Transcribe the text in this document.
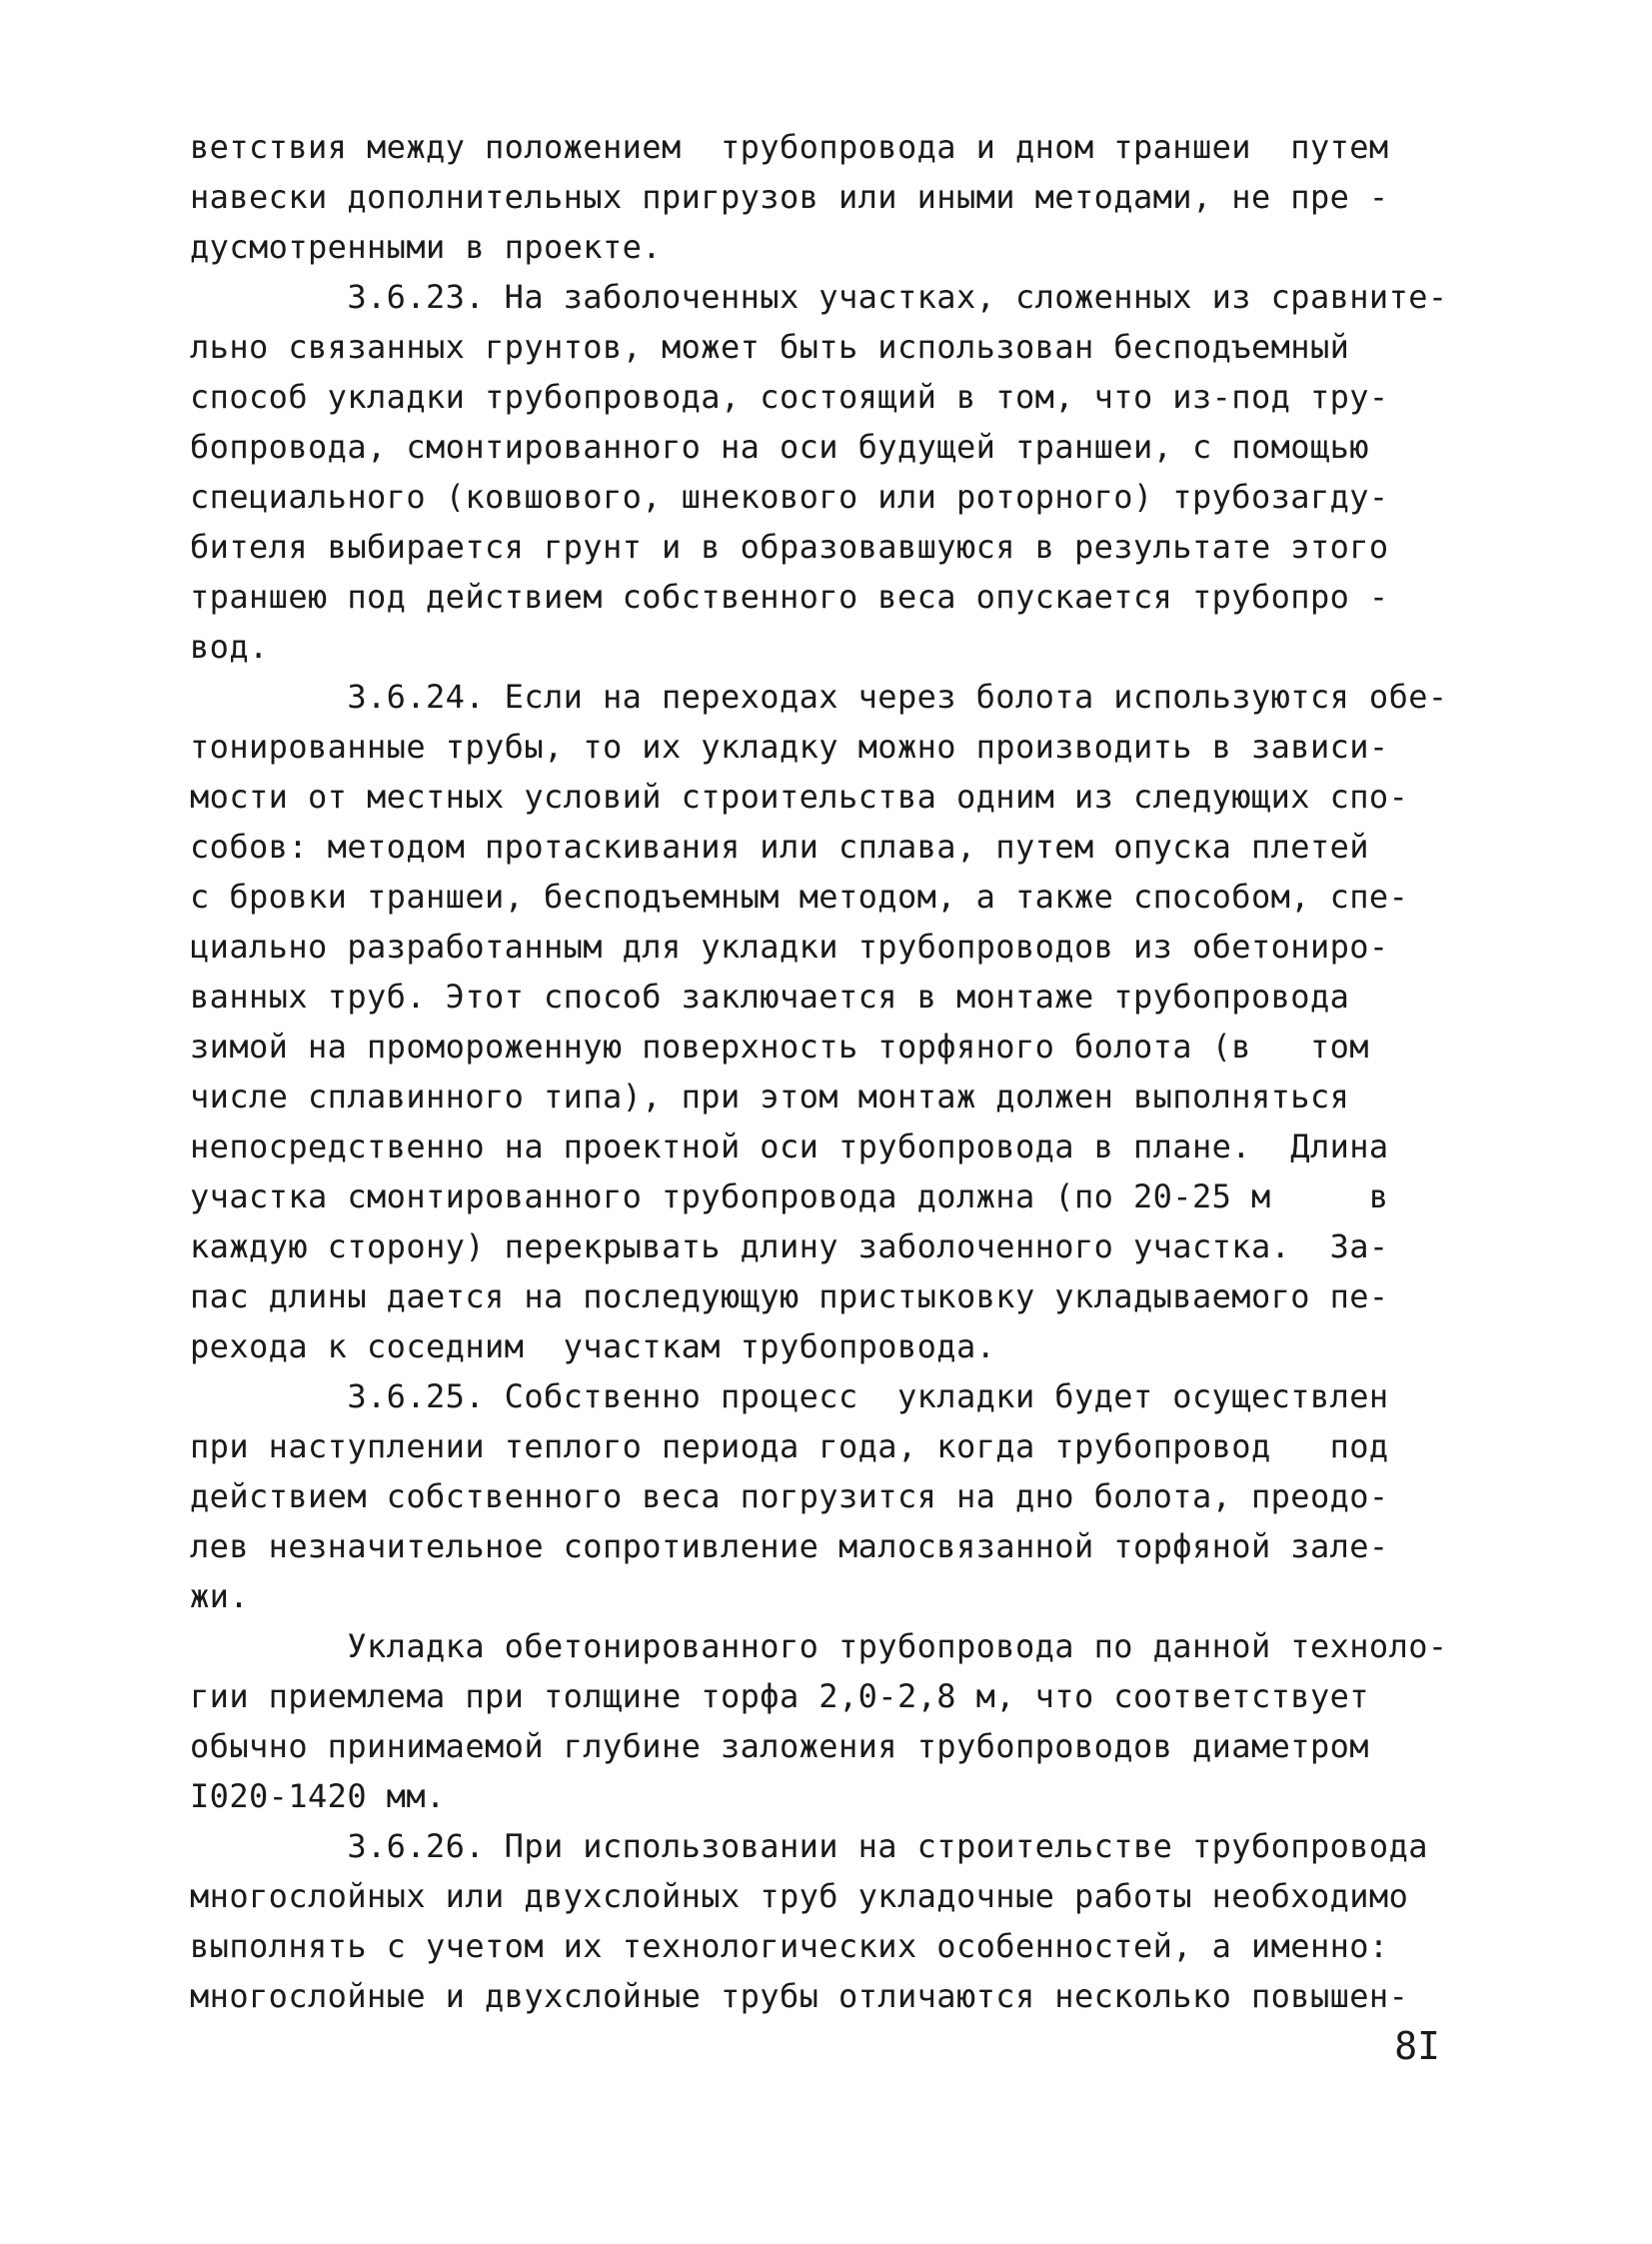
ветствия между положением  трубопровода и дном траншеи  путем
навески дополнительных пригрузов или иными методами, не пре -
дусмотренными в проекте.
3.6.23. На заболоченных участках, сложенных из сравните-
льно связанных грунтов, может быть использован бесподъемный
способ укладки трубопровода, состоящий в том, что из-под тру-
бопровода, смонтированного на оси будущей траншеи, с помощью
специального (ковшового, шнекового или роторного) трубозагду-
бителя выбирается грунт и в образовавшуюся в результате этого
траншею под действием собственного веса опускается трубопро -
вод.
3.6.24. Если на переходах через болота используются обе-
тонированные трубы, то их укладку можно производить в зависи-
мости от местных условий строительства одним из следующих спо-
собов: методом протаскивания или сплава, путем опуска плетей
с бровки траншеи, бесподъемным методом, а также способом, спе-
циально разработанным для укладки трубопроводов из обетониро-
ванных труб. Этот способ заключается в монтаже трубопровода
зимой на промороженную поверхность торфяного болота (в   том
числе сплавинного типа), при этом монтаж должен выполняться
непосредственно на проектной оси трубопровода в плане.  Длина
участка смонтированного трубопровода должна (по 20-25 м     в
каждую сторону) перекрывать длину заболоченного участка.  За-
пас длины дается на последующую пристыковку укладываемого пе-
рехода к соседним  участкам трубопровода.
3.6.25. Собственно процесс  укладки будет осуществлен
при наступлении теплого периода года, когда трубопровод   под
действием собственного веса погрузится на дно болота, преодо-
лев незначительное сопротивление малосвязанной торфяной зале-
жи.
Укладка обетонированного трубопровода по данной техноло-
гии приемлема при толщине торфа 2,0-2,8 м, что соответствует
обычно принимаемой глубине заложения трубопроводов диаметром
I020-1420 мм.
3.6.26. При использовании на строительстве трубопровода
многослойных или двухслойных труб укладочные работы необходимо
выполнять с учетом их технологических особенностей, а именно:
многослойные и двухслойные трубы отличаются несколько повышен-
8I
